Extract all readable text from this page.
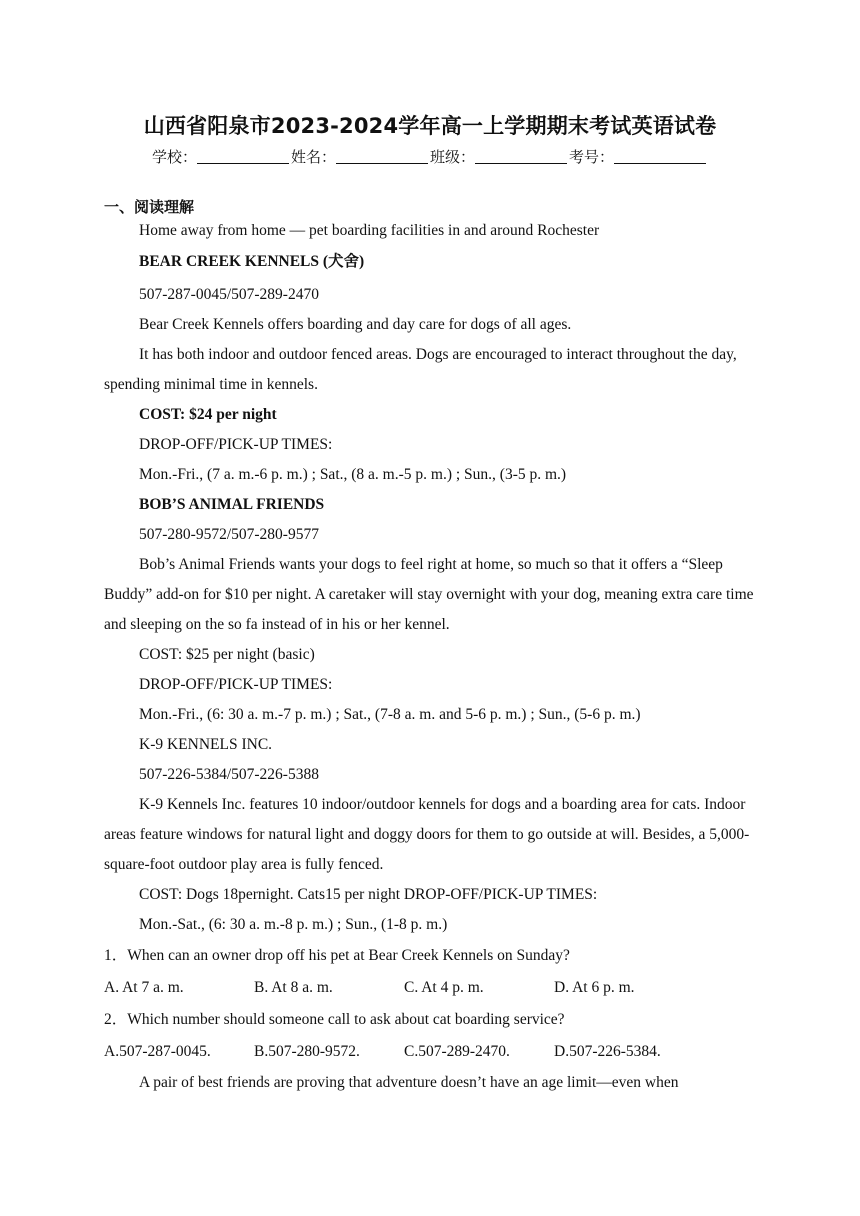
山西省阳泉市2023-2024学年高一上学期期末考试英语试卷
学校：	姓名：	班级：	考号：

一、阅读理解

Home away from home — pet boarding facilities in and around Rochester

BEAR CREEK KENNELS (犬舍)

507-287-0045/507-289-2470

Bear Creek Kennels offers boarding and day care for dogs of all ages.

It has both indoor and outdoor fenced areas. Dogs are encouraged to interact throughout the day, spending minimal time in kennels.

COST: $24 per night

DROP-OFF/PICK-UP TIMES:

Mon.-Fri., (7 a. m.-6 p. m.) ; Sat., (8 a. m.-5 p. m.) ; Sun., (3-5 p. m.)

BOB’S ANIMAL FRIENDS

507-280-9572/507-280-9577

Bob’s Animal Friends wants your dogs to feel right at home, so much so that it offers a “Sleep Buddy” add-on for $10 per night. A caretaker will stay overnight with your dog, meaning extra care time and sleeping on the so fa instead of in his or her kennel.

COST: $25 per night (basic)

DROP-OFF/PICK-UP TIMES:

Mon.-Fri., (6: 30 a. m.-7 p. m.) ; Sat., (7-8 a. m. and 5-6 p. m.) ; Sun., (5-6 p. m.)

K-9 KENNELS INC.

507-226-5384/507-226-5388

K-9 Kennels Inc. features 10 indoor/outdoor kennels for dogs and a boarding area for cats. Indoor areas feature windows for natural light and doggy doors for them to go outside at will. Besides, a 5,000-square-foot outdoor play area is fully fenced.

COST: Dogs 18pernight. Cats15 per night DROP-OFF/PICK-UP TIMES:

Mon.-Sat., (6: 30 a. m.-8 p. m.) ; Sun., (1-8 p. m.)

1．When can an owner drop off his pet at Bear Creek Kennels on Sunday?

A. At 7 a. m.	B. At 8 a. m.	C. At 4 p. m.	D. At 6 p. m.

2．Which number should someone call to ask about cat boarding service?

A.507-287-0045.	B.507-280-9572.	C.507-289-2470.	D.507-226-5384.

A pair of best friends are proving that adventure doesn’t have an age limit—even when
